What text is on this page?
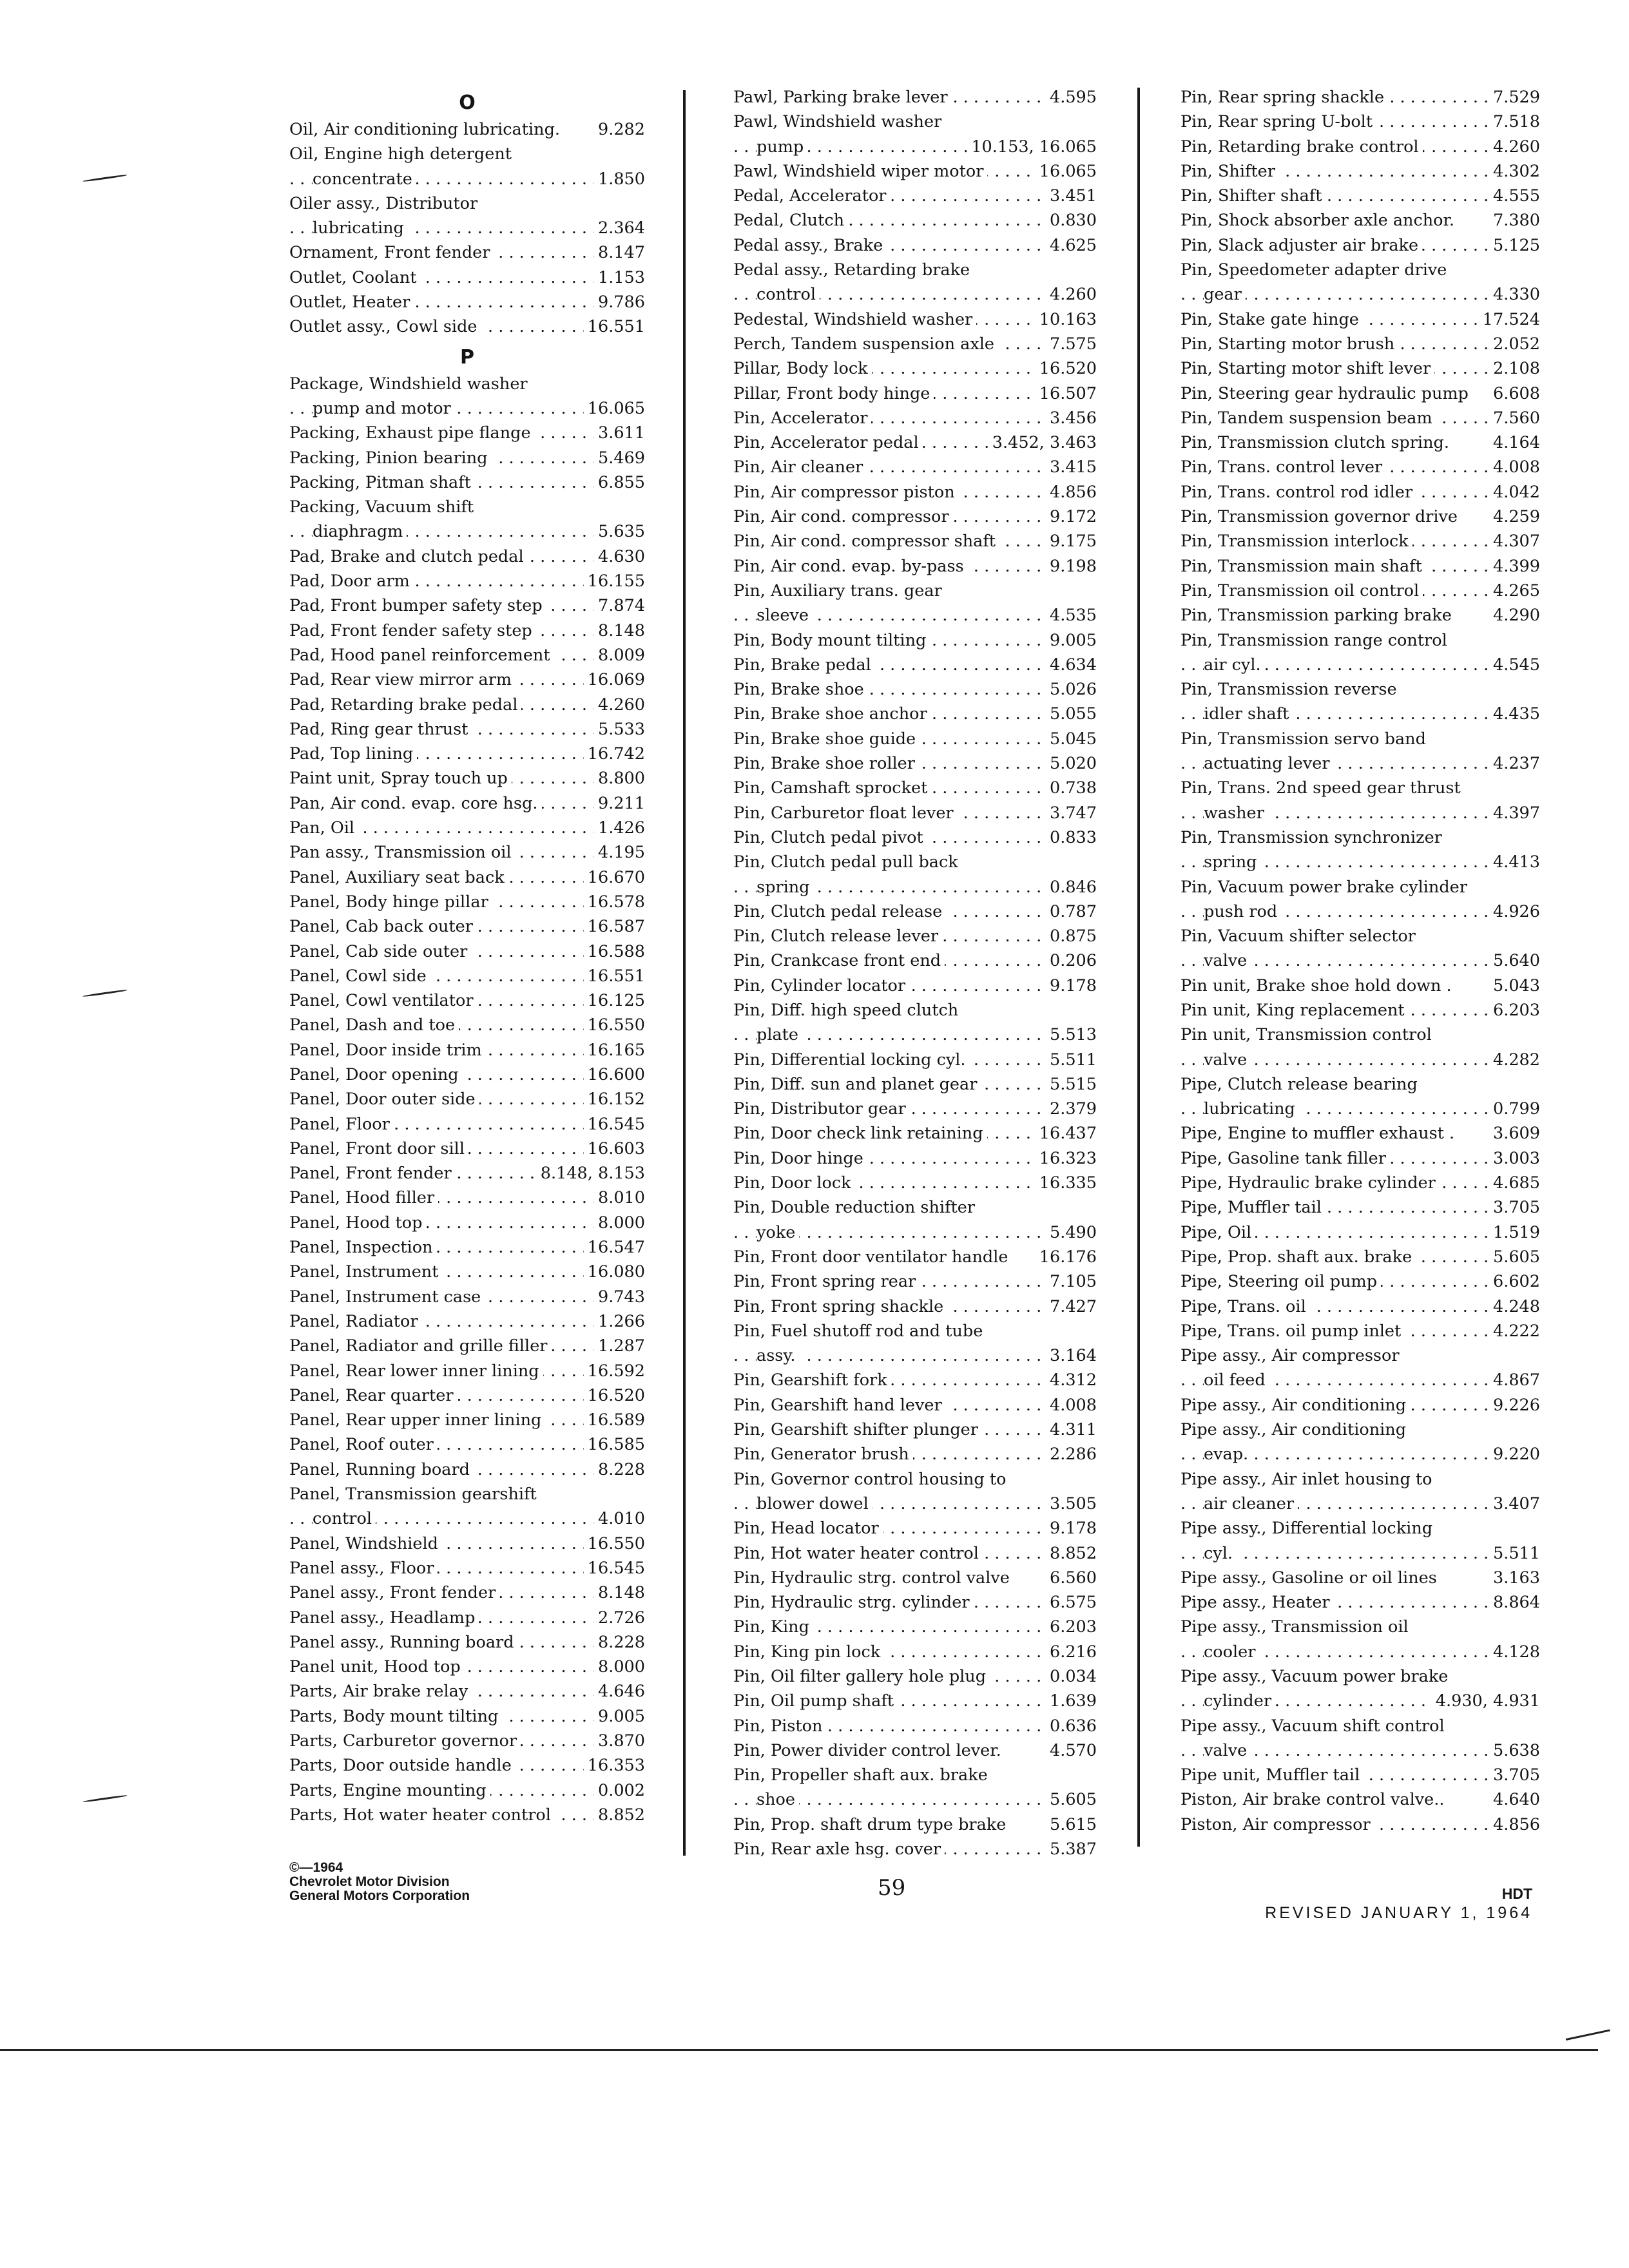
O
Oil, Air conditioning lubricating. 9.282
Oil, Engine high detergent
. . . concentrate	1.850
Oiler assy., Distributor
. . . lubricating	2.364
. . . Ornament, Front fender	8.147
. . . Outlet, Coolant	1.153
. . . Outlet, Heater	9.786
. . . Outlet assy., Cowl side	16.551
P
Package, Windshield washer
. . . pump and motor	16.065
. . . Packing, Exhaust pipe flange	3.611
. . . Packing, Pinion bearing	5.469
. . . Packing, Pitman shaft	6.855
Packing, Vacuum shift
. . . diaphragm	5.635
. . . Pad, Brake and clutch pedal	4.630
. . . Pad, Door arm	16.155
. . . Pad, Front bumper safety step	7.874
. . . Pad, Front fender safety step	8.148
. . . Pad, Hood panel reinforcement	8.009
. . . Pad, Rear view mirror arm	16.069
. . . Pad, Retarding brake pedal	4.260
. . . Pad, Ring gear thrust	5.533
. . . Pad, Top lining	16.742
. . . Paint unit, Spray touch up	8.800
. . . Pan, Air cond. evap. core hsg.	9.211
. . . Pan, Oil	1.426
. . . Pan assy., Transmission oil	4.195
. . . Panel, Auxiliary seat back	16.670
. . . Panel, Body hinge pillar	16.578
. . . Panel, Cab back outer	16.587
. . . Panel, Cab side outer	16.588
. . . Panel, Cowl side	16.551
. . . Panel, Cowl ventilator	16.125
. . . Panel, Dash and toe	16.550
. . . Panel, Door inside trim	16.165
. . . Panel, Door opening	16.600
. . . Panel, Door outer side	16.152
. . . Panel, Floor	16.545
. . . Panel, Front door sill	16.603
. . . Panel, Front fender	8.148, 8.153
. . . Panel, Hood filler	8.010
. . . Panel, Hood top	8.000
. . . Panel, Inspection	16.547
. . . Panel, Instrument	16.080
. . . Panel, Instrument case	9.743
. . . Panel, Radiator	1.266
. . . Panel, Radiator and grille filler	1.287
. . . Panel, Rear lower inner lining	16.592
. . . Panel, Rear quarter	16.520
. . . Panel, Rear upper inner lining	16.589
. . . Panel, Roof outer	16.585
. . . Panel, Running board	8.228
Panel, Transmission gearshift
. . . control	4.010
. . . Panel, Windshield	16.550
. . . Panel assy., Floor	16.545
. . . Panel assy., Front fender	8.148
. . . Panel assy., Headlamp	2.726
. . . Panel assy., Running board	8.228
. . . Panel unit, Hood top	8.000
. . . Parts, Air brake relay	4.646
. . . Parts, Body mount tilting	9.005
. . . Parts, Carburetor governor	3.870
. . . Parts, Door outside handle	16.353
. . . Parts, Engine mounting	0.002
. . . Parts, Hot water heater control	8.852
. . . Pawl, Parking brake lever	4.595
Pawl, Windshield washer
. . . pump	10.153, 16.065
. . . Pawl, Windshield wiper motor	16.065
. . . Pedal, Accelerator	3.451
. . . Pedal, Clutch	0.830
. . . Pedal assy., Brake	4.625
Pedal assy., Retarding brake
. . . control	4.260
. . . Pedestal, Windshield washer	10.163
. . . Perch, Tandem suspension axle	7.575
. . . Pillar, Body lock	16.520
. . . Pillar, Front body hinge	16.507
. . . Pin, Accelerator	3.456
. . . Pin, Accelerator pedal	3.452, 3.463
. . . Pin, Air cleaner	3.415
. . . Pin, Air compressor piston	4.856
. . . Pin, Air cond. compressor	9.172
. . . Pin, Air cond. compressor shaft	9.175
. . . Pin, Air cond. evap. by-pass	9.198
Pin, Auxiliary trans. gear
. . . sleeve	4.535
. . . Pin, Body mount tilting	9.005
. . . Pin, Brake pedal	4.634
. . . Pin, Brake shoe	5.026
. . . Pin, Brake shoe anchor	5.055
. . . Pin, Brake shoe guide	5.045
. . . Pin, Brake shoe roller	5.020
. . . Pin, Camshaft sprocket	0.738
. . . Pin, Carburetor float lever	3.747
. . . Pin, Clutch pedal pivot	0.833
Pin, Clutch pedal pull back
. . . spring	0.846
. . . Pin, Clutch pedal release	0.787
. . . Pin, Clutch release lever	0.875
. . . Pin, Crankcase front end	0.206
. . . Pin, Cylinder locator	9.178
Pin, Diff. high speed clutch
. . . plate	5.513
. . . Pin, Differential locking cyl.	5.511
. . . Pin, Diff. sun and planet gear	5.515
. . . Pin, Distributor gear	2.379
. . . Pin, Door check link retaining	16.437
. . . Pin, Door hinge	16.323
. . . Pin, Door lock	16.335
Pin, Double reduction shifter
. . . yoke	5.490
Pin, Front door ventilator handle 16.176
. . . Pin, Front spring rear	7.105
. . . Pin, Front spring shackle	7.427
Pin, Fuel shutoff rod and tube
. . . assy.	3.164
. . . Pin, Gearshift fork	4.312
. . . Pin, Gearshift hand lever	4.008
. . . Pin, Gearshift shifter plunger	4.311
. . . Pin, Generator brush	2.286
Pin, Governor control housing to
. . . blower dowel	3.505
. . . Pin, Head locator	9.178
. . . Pin, Hot water heater control	8.852
Pin, Hydraulic strg. control valve 6.560
. . . Pin, Hydraulic strg. cylinder	6.575
. . . Pin, King	6.203
. . . Pin, King pin lock	6.216
. . . Pin, Oil filter gallery hole plug	0.034
. . . Pin, Oil pump shaft	1.639
. . . Pin, Piston	0.636
Pin, Power divider control lever.	4.570
Pin, Propeller shaft aux. brake
. . . shoe	5.605
Pin, Prop. shaft drum type brake	5.615
. . . Pin, Rear axle hsg. cover	5.387
. . . Pin, Rear spring shackle	7.529
. . . Pin, Rear spring U-bolt	7.518
. . . Pin, Retarding brake control	4.260
. . . Pin, Shifter	4.302
. . . Pin, Shifter shaft	4.555
Pin, Shock absorber axle anchor. 7.380
. . . Pin, Slack adjuster air brake	5.125
Pin, Speedometer adapter drive
. . . gear	4.330
. . . Pin, Stake gate hinge	17.524
. . . Pin, Starting motor brush	2.052
. . . Pin, Starting motor shift lever	2.108
Pin, Steering gear hydraulic pump 6.608
. . . Pin, Tandem suspension beam	7.560
Pin, Transmission clutch spring.	4.164
. . . Pin, Trans. control lever	4.008
. . . Pin, Trans. control rod idler	4.042
Pin, Transmission governor drive 4.259
. . . Pin, Transmission interlock	4.307
. . . Pin, Transmission main shaft	4.399
. . . Pin, Transmission oil control	4.265
Pin, Transmission parking brake	4.290
Pin, Transmission range control
. . . air cyl.	4.545
Pin, Transmission reverse
. . . idler shaft	4.435
Pin, Transmission servo band
. . . actuating lever	4.237
Pin, Trans. 2nd speed gear thrust
. . . washer	4.397
Pin, Transmission synchronizer
. . . spring	4.413
Pin, Vacuum power brake cylinder
. . . push rod	4.926
Pin, Vacuum shifter selector
. . . valve	5.640
Pin unit, Brake shoe hold down .	5.043
. . . Pin unit, King replacement	6.203
Pin unit, Transmission control
. . . valve	4.282
Pipe, Clutch release bearing
. . . lubricating	0.799
Pipe, Engine to muffler exhaust . 3.609
. . . Pipe, Gasoline tank filler	3.003
. . . Pipe, Hydraulic brake cylinder	4.685
. . . Pipe, Muffler tail	3.705
. . . Pipe, Oil	1.519
. . . Pipe, Prop. shaft aux. brake	5.605
. . . Pipe, Steering oil pump	6.602
. . . Pipe, Trans. oil	4.248
. . . Pipe, Trans. oil pump inlet	4.222
Pipe assy., Air compressor
. . . oil feed	4.867
. . . Pipe assy., Air conditioning	9.226
Pipe assy., Air conditioning
. . . evap.	9.220
Pipe assy., Air inlet housing to
. . . air cleaner	3.407
Pipe assy., Differential locking
. . . cyl.	5.511
Pipe assy., Gasoline or oil lines	3.163
. . . Pipe assy., Heater	8.864
Pipe assy., Transmission oil
. . . cooler	4.128
Pipe assy., Vacuum power brake
. . . cylinder	4.930, 4.931
Pipe assy., Vacuum shift control
. . . valve	5.638
. . . Pipe unit, Muffler tail	3.705
Piston, Air brake control valve..	4.640
. . . Piston, Air compressor	4.856
©—1964
Chevrolet Motor Division
General Motors Corporation	59	HDT
REVISED JANUARY 1, 1964
